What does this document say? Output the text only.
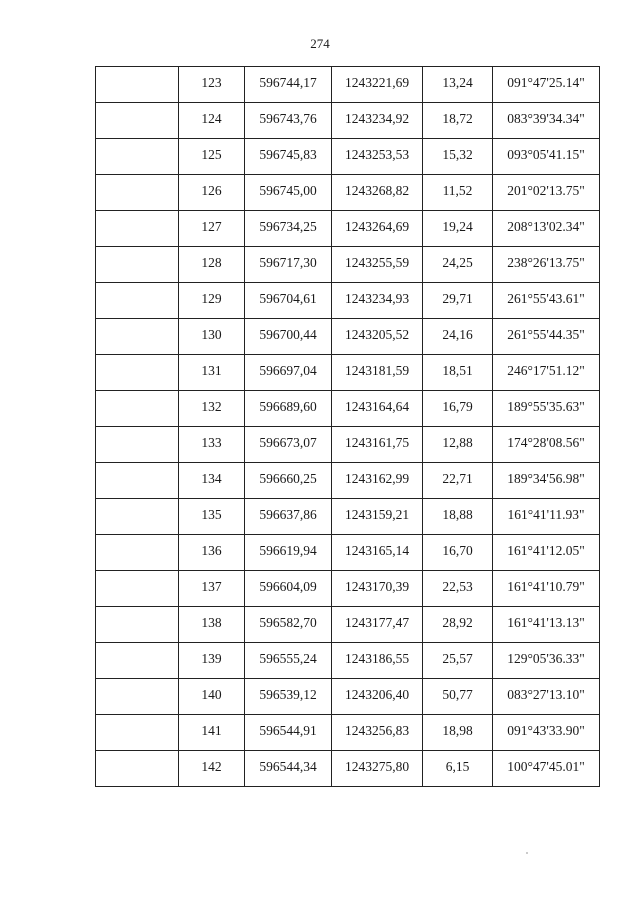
274
	123	596744,17	1243221,69	13,24	091°47'25.14"
	124	596743,76	1243234,92	18,72	083°39'34.34"
	125	596745,83	1243253,53	15,32	093°05'41.15"
	126	596745,00	1243268,82	11,52	201°02'13.75"
	127	596734,25	1243264,69	19,24	208°13'02.34"
	128	596717,30	1243255,59	24,25	238°26'13.75"
	129	596704,61	1243234,93	29,71	261°55'43.61"
	130	596700,44	1243205,52	24,16	261°55'44.35"
	131	596697,04	1243181,59	18,51	246°17'51.12"
	132	596689,60	1243164,64	16,79	189°55'35.63"
	133	596673,07	1243161,75	12,88	174°28'08.56"
	134	596660,25	1243162,99	22,71	189°34'56.98"
	135	596637,86	1243159,21	18,88	161°41'11.93"
	136	596619,94	1243165,14	16,70	161°41'12.05"
	137	596604,09	1243170,39	22,53	161°41'10.79"
	138	596582,70	1243177,47	28,92	161°41'13.13"
	139	596555,24	1243186,55	25,57	129°05'36.33"
	140	596539,12	1243206,40	50,77	083°27'13.10"
	141	596544,91	1243256,83	18,98	091°43'33.90"
	142	596544,34	1243275,80	6,15	100°47'45.01"
